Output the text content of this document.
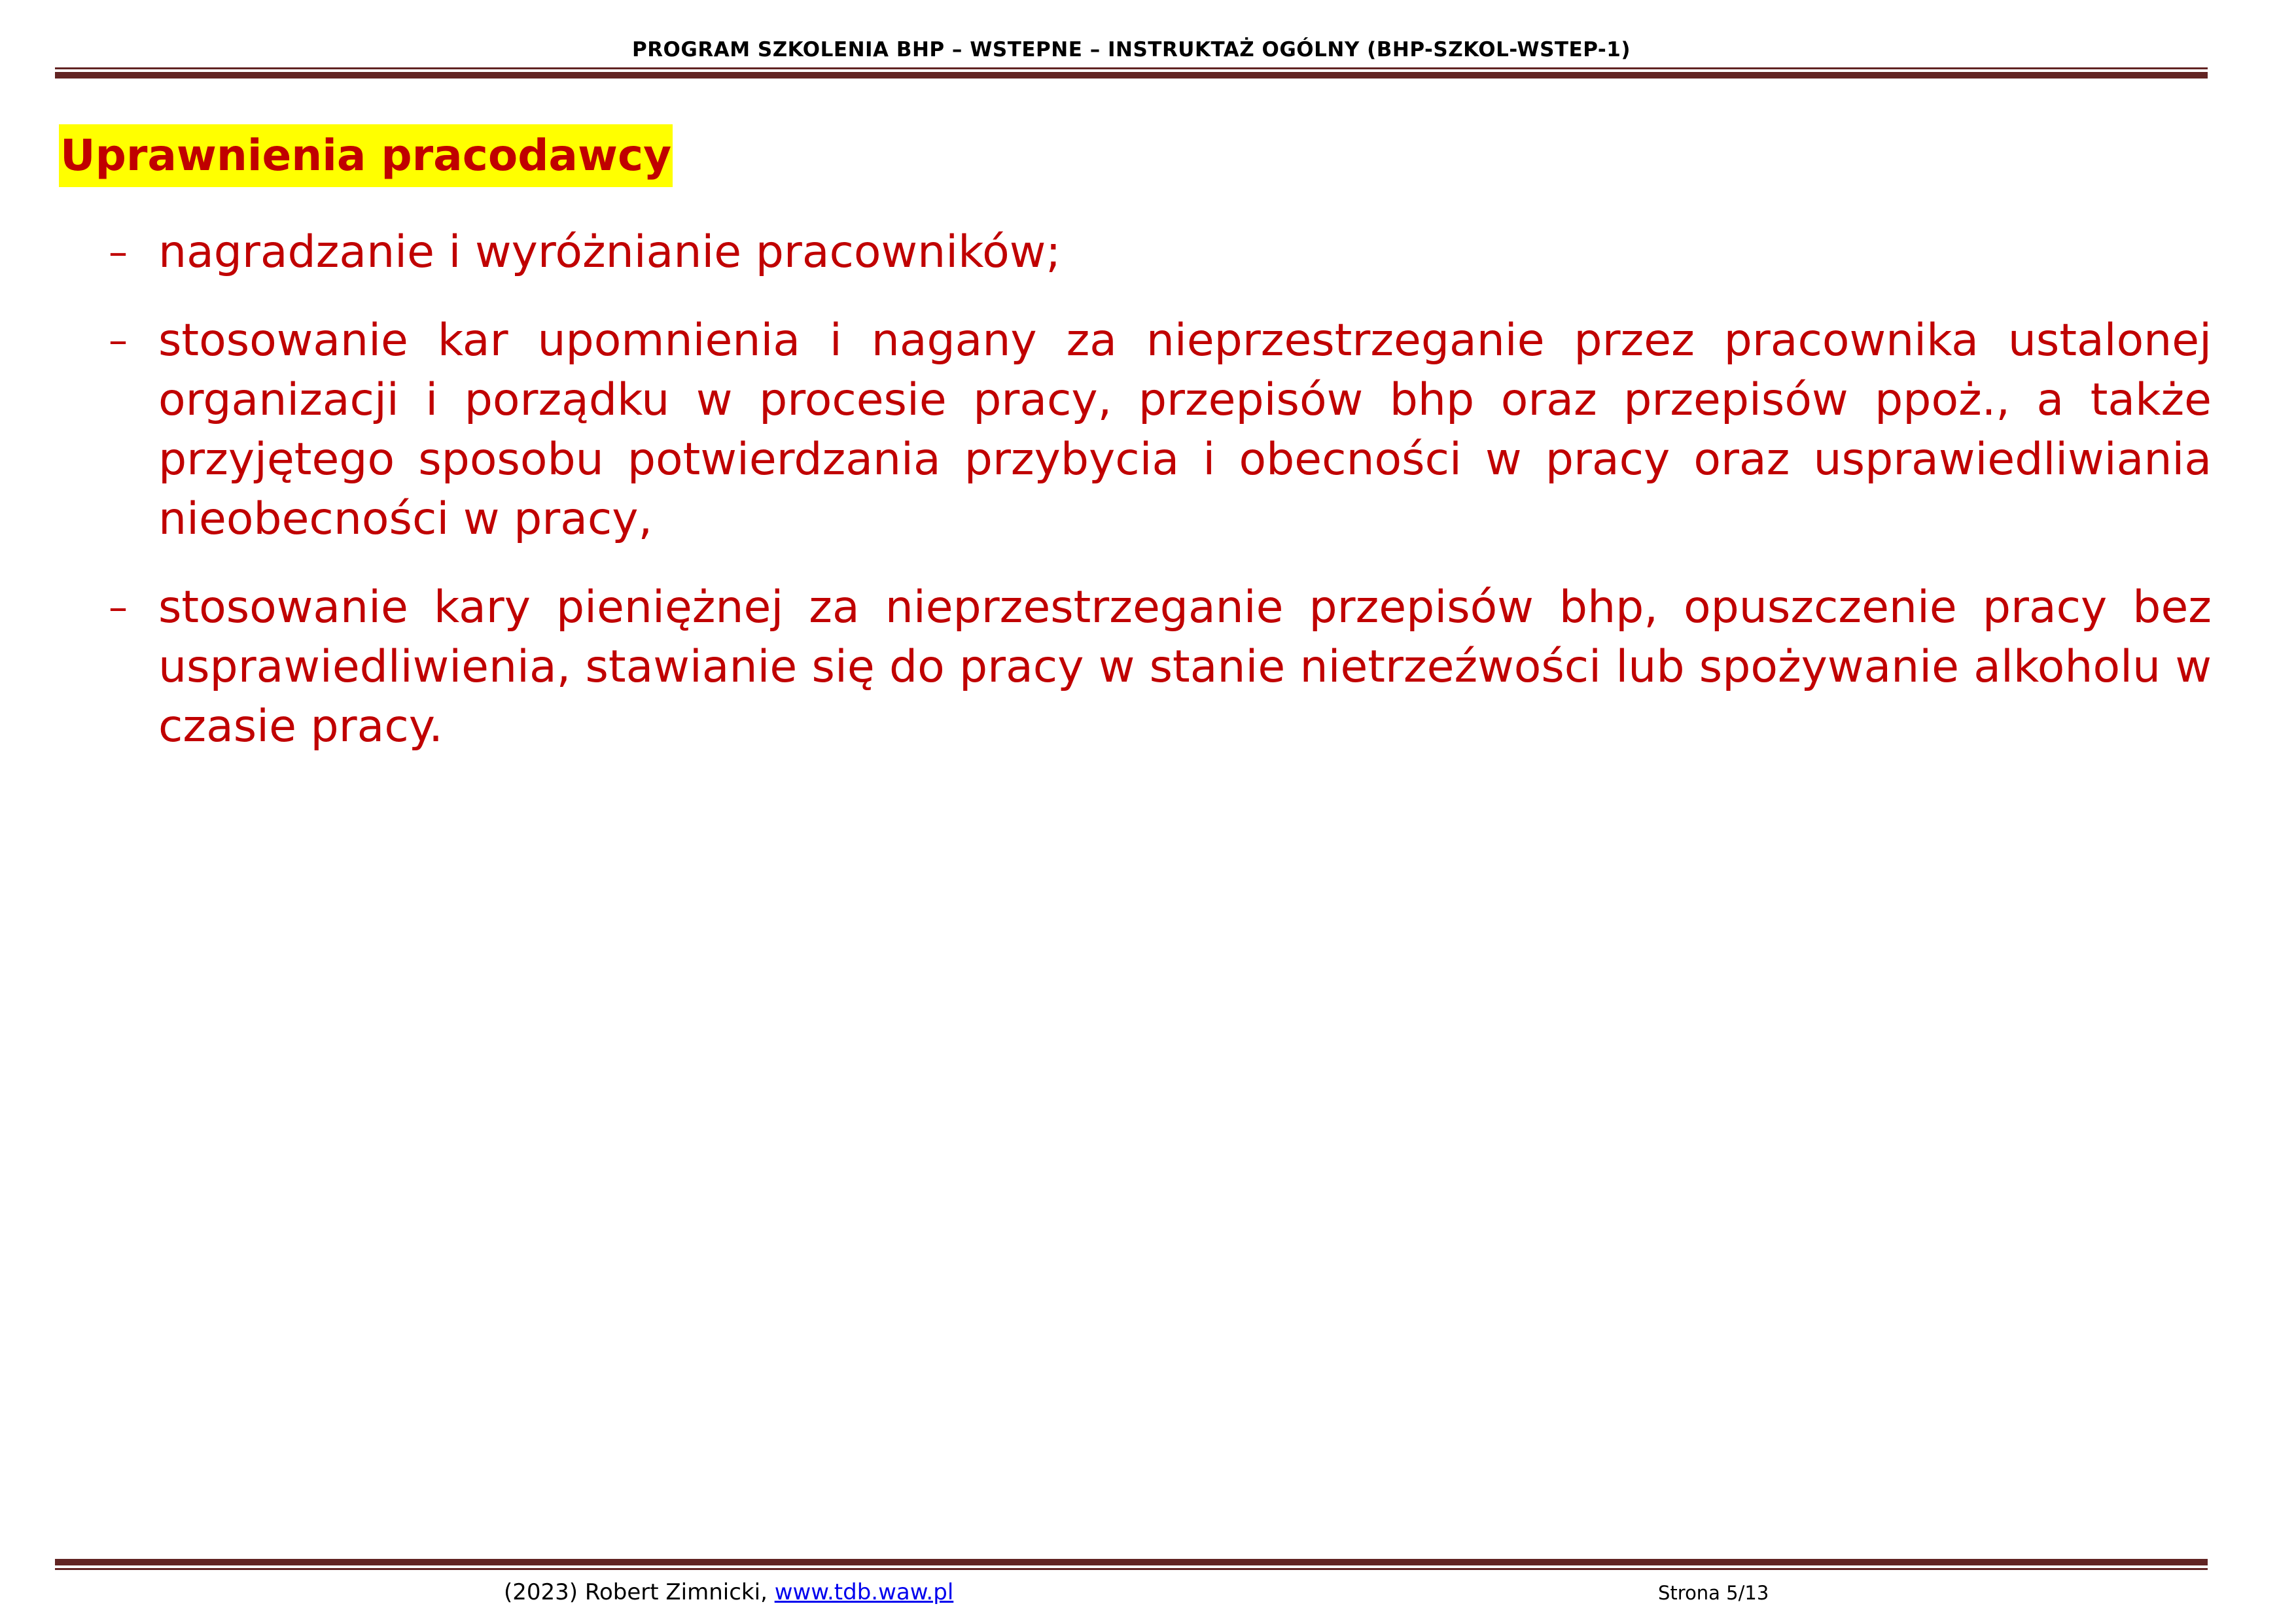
PROGRAM SZKOLENIA BHP – WSTEPNE – INSTRUKTAŻ OGÓLNY (BHP-SZKOL-WSTEP-1)
Uprawnienia pracodawcy
– nagradzanie i wyróżnianie pracowników;
– stosowanie kar upomnienia i nagany za nieprzestrzeganie przez pracownika ustalonej organizacji i porządku w procesie pracy, przepisów bhp oraz przepisów ppoż., a także przyjętego sposobu potwierdzania przybycia i obecności w pracy oraz usprawiedliwiania nieobecności w pracy,
– stosowanie kary pieniężnej za nieprzestrzeganie przepisów bhp, opuszczenie pracy bez usprawiedliwienia, stawianie się do pracy w stanie nietrzeźwości lub spożywanie alkoholu w czasie pracy.
(2023) Robert Zimnicki, www.tdb.waw.pl	Strona 5/13
